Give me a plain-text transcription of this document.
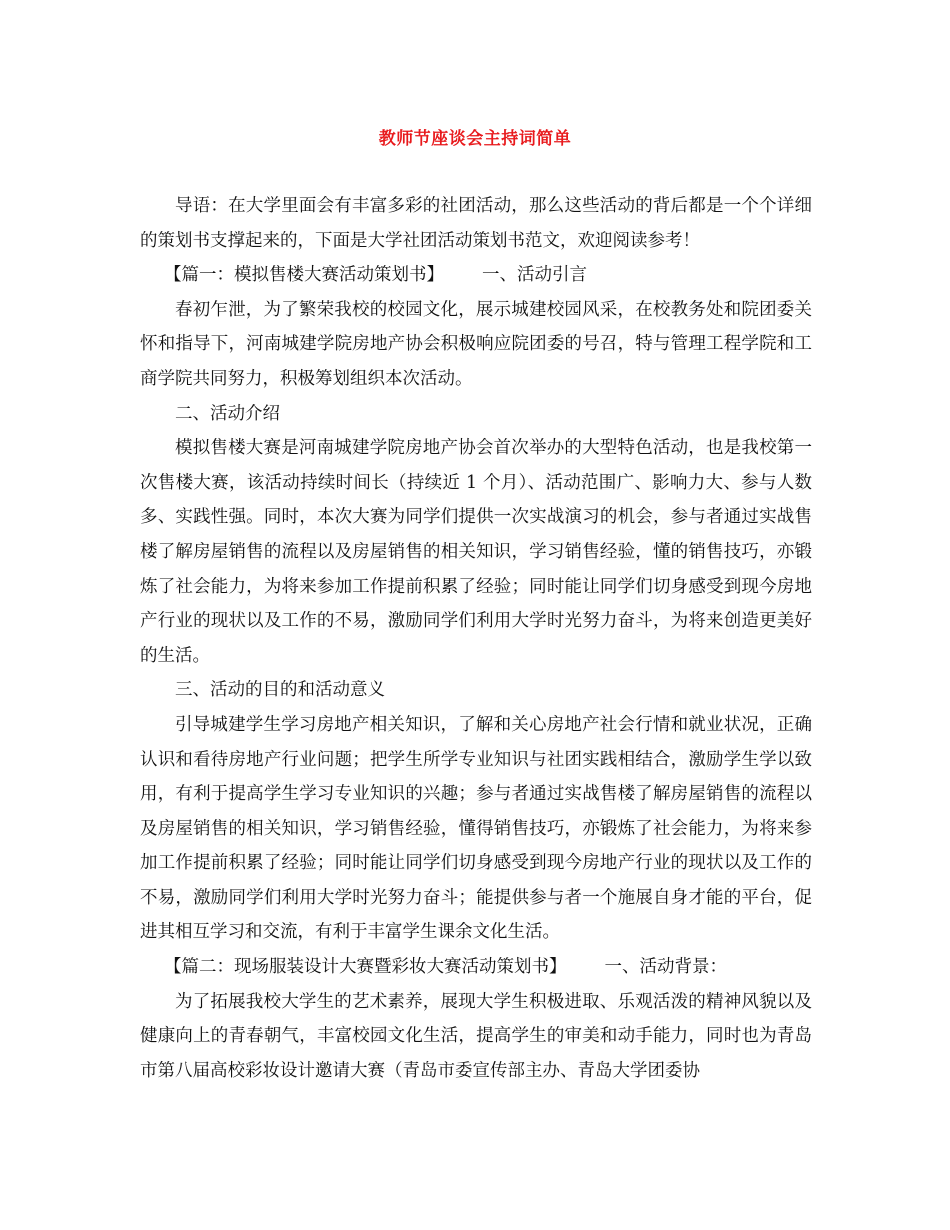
教师节座谈会主持词简单

导语：在大学里面会有丰富多彩的社团活动，那么这些活动的背后都是一个个详细的策划书支撑起来的，下面是大学社团活动策划书范文，欢迎阅读参考！

【篇一：模拟售楼大赛活动策划书】 一、活动引言

春初乍泄，为了繁荣我校的校园文化，展示城建校园风采，在校教务处和院团委关怀和指导下，河南城建学院房地产协会积极响应院团委的号召，特与管理工程学院和工商学院共同努力，积极筹划组织本次活动。

二、活动介绍

模拟售楼大赛是河南城建学院房地产协会首次举办的大型特色活动，也是我校第一次售楼大赛，该活动持续时间长（持续近 1 个月）、活动范围广、影响力大、参与人数多、实践性强。同时，本次大赛为同学们提供一次实战演习的机会，参与者通过实战售楼了解房屋销售的流程以及房屋销售的相关知识，学习销售经验，懂的销售技巧，亦锻炼了社会能力，为将来参加工作提前积累了经验；同时能让同学们切身感受到现今房地产行业的现状以及工作的不易，激励同学们利用大学时光努力奋斗，为将来创造更美好的生活。

三、活动的目的和活动意义

引导城建学生学习房地产相关知识，了解和关心房地产社会行情和就业状况，正确认识和看待房地产行业问题；把学生所学专业知识与社团实践相结合，激励学生学以致用，有利于提高学生学习专业知识的兴趣；参与者通过实战售楼了解房屋销售的流程以及房屋销售的相关知识，学习销售经验，懂得销售技巧，亦锻炼了社会能力，为将来参加工作提前积累了经验；同时能让同学们切身感受到现今房地产行业的现状以及工作的不易，激励同学们利用大学时光努力奋斗；能提供参与者一个施展自身才能的平台，促进其相互学习和交流，有利于丰富学生课余文化生活。

【篇二：现场服装设计大赛暨彩妆大赛活动策划书】 一、活动背景：

为了拓展我校大学生的艺术素养，展现大学生积极进取、乐观活泼的精神风貌以及健康向上的青春朝气，丰富校园文化生活，提高学生的审美和动手能力，同时也为青岛市第八届高校彩妆设计邀请大赛（青岛市委宣传部主办、青岛大学团委协
